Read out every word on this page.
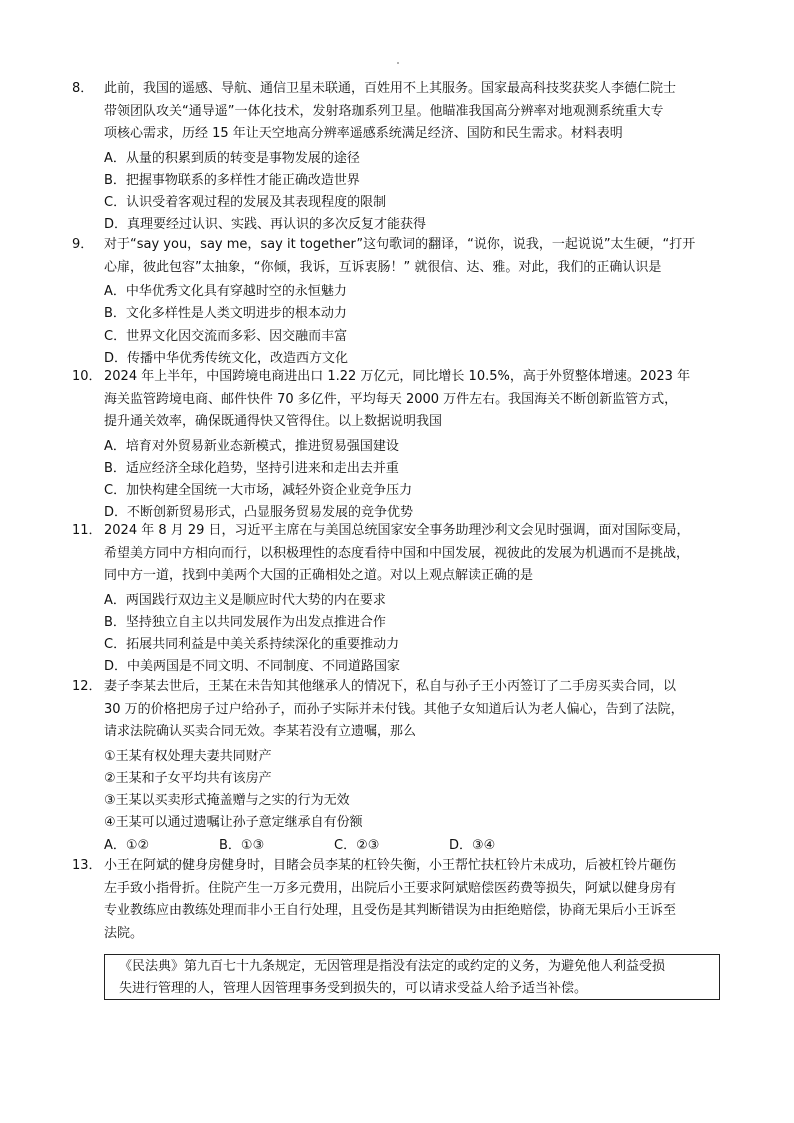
8． 此前，我国的遥感、导航、通信卫星未联通，百姓用不上其服务。国家最高科技奖获奖人李德仁院士
带领团队攻关“通导遥”一体化技术，发射珞珈系列卫星。他瞄准我国高分辨率对地观测系统重大专
项核心需求，历经 15 年让天空地高分辨率遥感系统满足经济、国防和民生需求。材料表明
A．从量的积累到质的转变是事物发展的途径
B．把握事物联系的多样性才能正确改造世界
C．认识受着客观过程的发展及其表现程度的限制
D．真理要经过认识、实践、再认识的多次反复才能获得
9． 对于“say you，say me，say it together”这句歌词的翻译，“说你，说我，一起说说”太生硬，“打开
心扉，彼此包容”太抽象，“你倾，我诉，互诉衷肠！” 就很信、达、雅。对此，我们的正确认识是
A．中华优秀文化具有穿越时空的永恒魅力
B．文化多样性是人类文明进步的根本动力
C．世界文化因交流而多彩、因交融而丰富
D．传播中华优秀传统文化，改造西方文化
10． 2024 年上半年，中国跨境电商进出口 1.22 万亿元，同比增长 10.5%，高于外贸整体增速。2023 年
海关监管跨境电商、邮件快件 70 多亿件，平均每天 2000 万件左右。我国海关不断创新监管方式，
提升通关效率，确保既通得快又管得住。以上数据说明我国
A．培育对外贸易新业态新模式，推进贸易强国建设
B．适应经济全球化趋势，坚持引进来和走出去并重
C．加快构建全国统一大市场，减轻外资企业竞争压力
D．不断创新贸易形式，凸显服务贸易发展的竞争优势
11． 2024 年 8 月 29 日，习近平主席在与美国总统国家安全事务助理沙利文会见时强调，面对国际变局，
希望美方同中方相向而行，以积极理性的态度看待中国和中国发展，视彼此的发展为机遇而不是挑战，
同中方一道，找到中美两个大国的正确相处之道。对以上观点解读正确的是
A．两国践行双边主义是顺应时代大势的内在要求
B．坚持独立自主以共同发展作为出发点推进合作
C．拓展共同利益是中美关系持续深化的重要推动力
D．中美两国是不同文明、不同制度、不同道路国家
12． 妻子李某去世后，王某在未告知其他继承人的情况下，私自与孙子王小丙签订了二手房买卖合同，以
30 万的价格把房子过户给孙子，而孙子实际并未付钱。其他子女知道后认为老人偏心，告到了法院，
请求法院确认买卖合同无效。李某若没有立遗嘱，那么
①王某有权处理夫妻共同财产
②王某和子女平均共有该房产
③王某以买卖形式掩盖赠与之实的行为无效
④王某可以通过遗嘱让孙子意定继承自有份额
A．①②	B．①③	C．②③	D．③④
13． 小王在阿斌的健身房健身时，目睹会员李某的杠铃失衡，小王帮忙扶杠铃片未成功，后被杠铃片砸伤
左手致小指骨折。住院产生一万多元费用，出院后小王要求阿斌赔偿医药费等损失，阿斌以健身房有
专业教练应由教练处理而非小王自行处理，且受伤是其判断错误为由拒绝赔偿，协商无果后小王诉至
法院。
《民法典》第九百七十九条规定，无因管理是指没有法定的或约定的义务，为避免他人利益受损
失进行管理的人，管理人因管理事务受到损失的，可以请求受益人给予适当补偿。
